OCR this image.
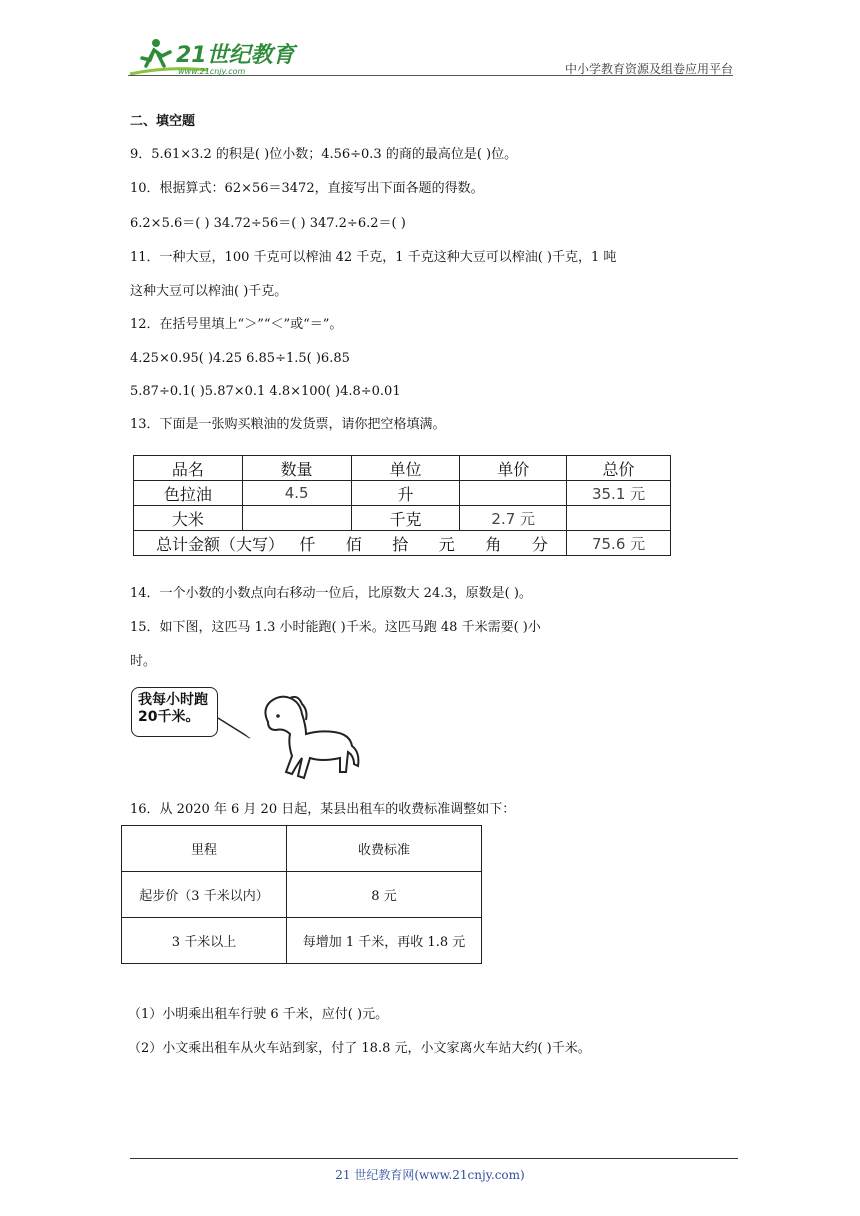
21世纪教育
www.21cnjy.com	中小学教育资源及组卷应用平台
二、填空题
9．5.61×3.2 的积是( )位小数；4.56÷0.3 的商的最高位是( )位。
10．根据算式：62×56＝3472，直接写出下面各题的得数。
6.2×5.6＝( ) 34.72÷56＝( ) 347.2÷6.2＝( )
11．一种大豆，100 千克可以榨油 42 千克，1 千克这种大豆可以榨油( )千克，1 吨
这种大豆可以榨油( )千克。
12．在括号里填上“＞”“＜”或“＝”。
4.25×0.95( )4.25 6.85÷1.5( )6.85
5.87÷0.1( )5.87×0.1 4.8×100( )4.8÷0.01
13．下面是一张购买粮油的发货票，请你把空格填满。
品名	数量	单位	单价	总价
色拉油	4.5	升		35.1 元
大米		千克	2.7 元	
总计金额（大写）   仟      佰      拾      元      角      分				75.6 元
14．一个小数的小数点向右移动一位后，比原数大 24.3，原数是( )。
15．如下图，这匹马 1.3 小时能跑( )千米。这匹马跑 48 千米需要( )小
时。
我每小时跑
20千米。
16．从 2020 年 6 月 20 日起，某县出租车的收费标准调整如下：
里程	收费标准
起步价（3 千米以内）	8 元
3 千米以上	每增加 1 千米，再收 1.8 元
（1）小明乘出租车行驶 6 千米，应付( )元。
（2）小文乘出租车从火车站到家，付了 18.8 元，小文家离火车站大约( )千米。
21 世纪教育网(www.21cnjy.com)
